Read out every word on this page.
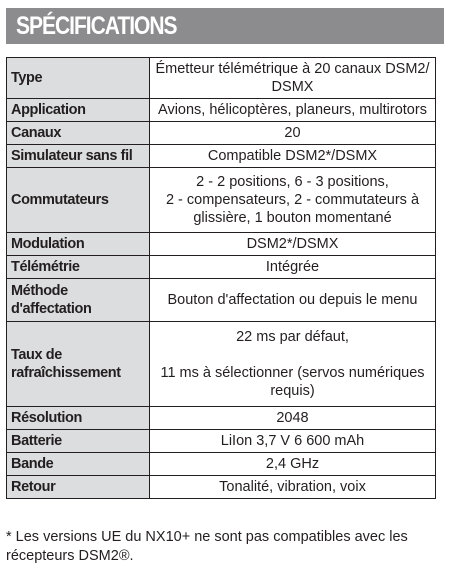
SPÉCIFICATIONS
Type	Émetteur télémétrique à 20 canaux DSM2/
DSMX

Application	Avions, hélicoptères, planeurs, multirotors

Canaux	20

Simulateur sans fil	Compatible DSM2*/DSMX

Commutateurs	2 - 2 positions, 6 - 3 positions,
2 - compensateurs, 2 - commutateurs à
glissière, 1 bouton momentané

Modulation	DSM2*/DSMX

Télémétrie	Intégrée

Méthode d'affectation	Bouton d'affectation ou depuis le menu

Taux de rafraîchissement	22 ms par défaut,
11 ms à sélectionner (servos numériques
requis)

Résolution	2048

Batterie	LiIon 3,7 V 6 600 mAh

Bande	2,4 GHz

Retour	Tonalité, vibration, voix
* Les versions UE du NX10+ ne sont pas compatibles avec les récepteurs DSM2®.
